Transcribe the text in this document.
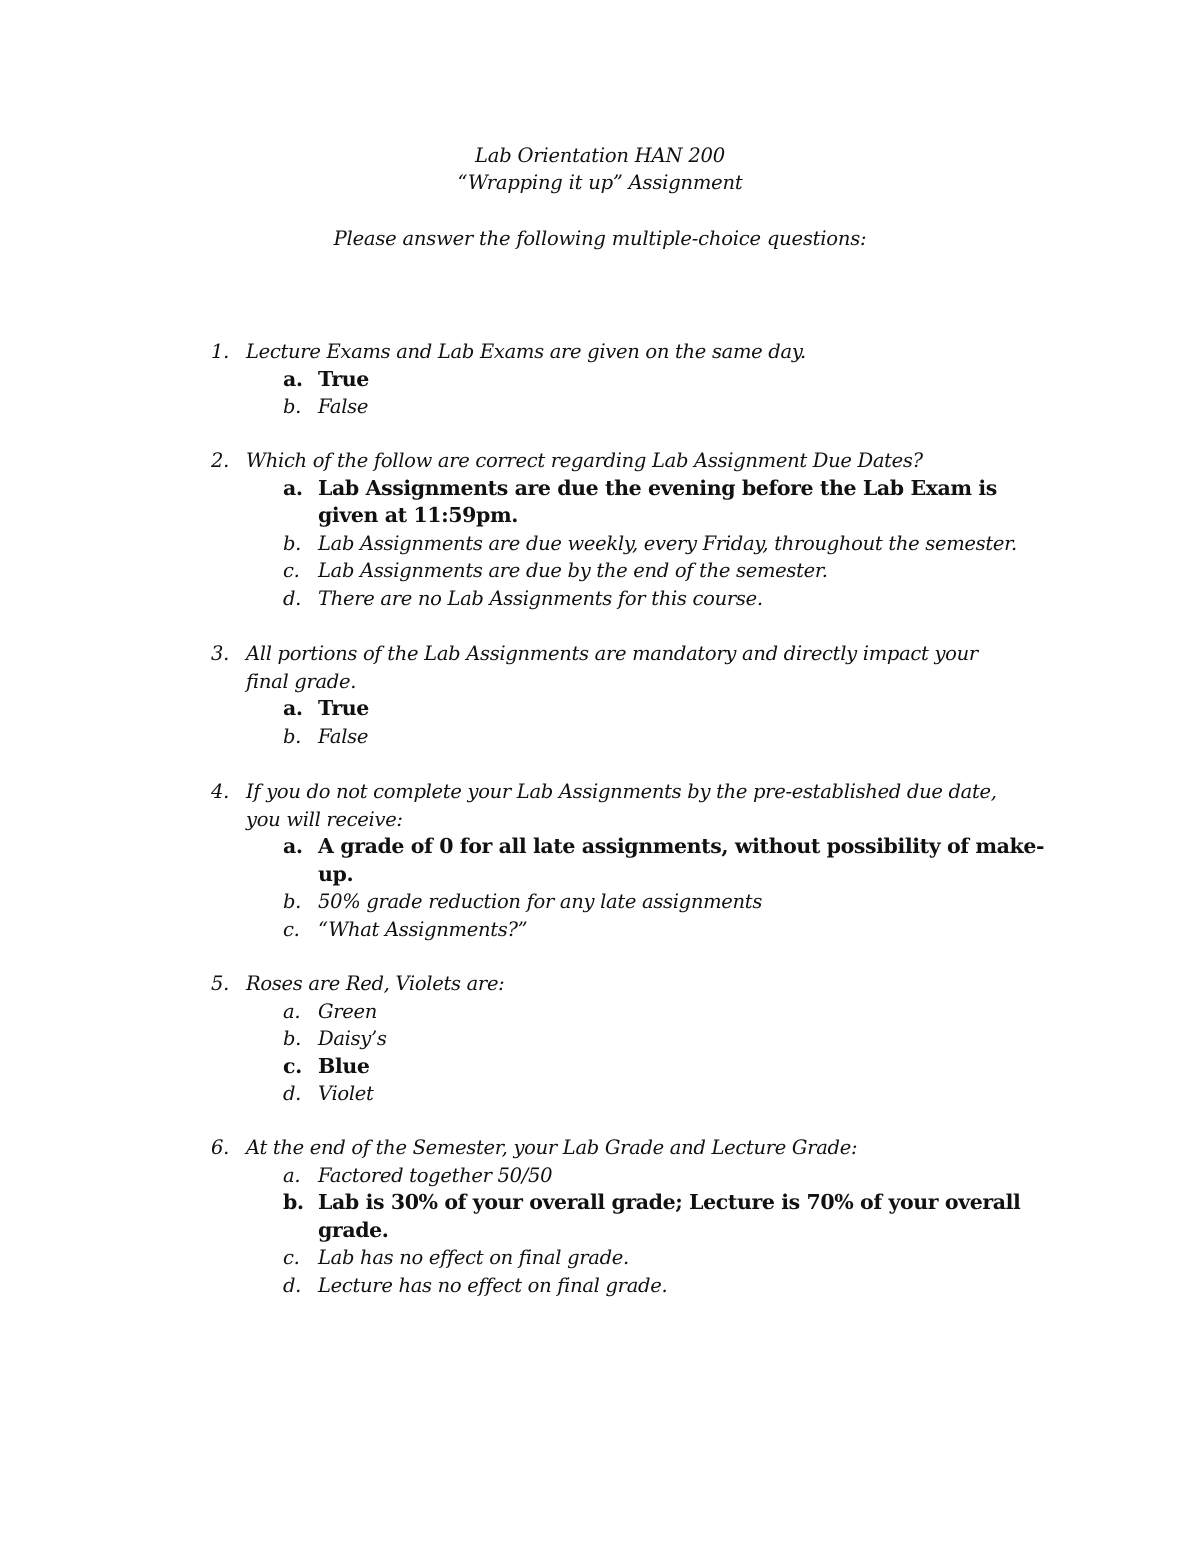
Lab Orientation HAN 200
“Wrapping it up” Assignment
Please answer the following multiple-choice questions:
1. Lecture Exams and Lab Exams are given on the same day.
a. True
b. False
2. Which of the follow are correct regarding Lab Assignment Due Dates?
a. Lab Assignments are due the evening before the Lab Exam is
given at 11:59pm.
b. Lab Assignments are due weekly, every Friday, throughout the semester.
c. Lab Assignments are due by the end of the semester.
d. There are no Lab Assignments for this course.
3. All portions of the Lab Assignments are mandatory and directly impact your
final grade.
a. True
b. False
4. If you do not complete your Lab Assignments by the pre-established due date,
you will receive:
a. A grade of 0 for all late assignments, without possibility of make-
up.
b. 50% grade reduction for any late assignments
c. “What Assignments?”
5. Roses are Red, Violets are:
a. Green
b. Daisy’s
c. Blue
d. Violet
6. At the end of the Semester, your Lab Grade and Lecture Grade:
a. Factored together 50/50
b. Lab is 30% of your overall grade; Lecture is 70% of your overall
grade.
c. Lab has no effect on final grade.
d. Lecture has no effect on final grade.
